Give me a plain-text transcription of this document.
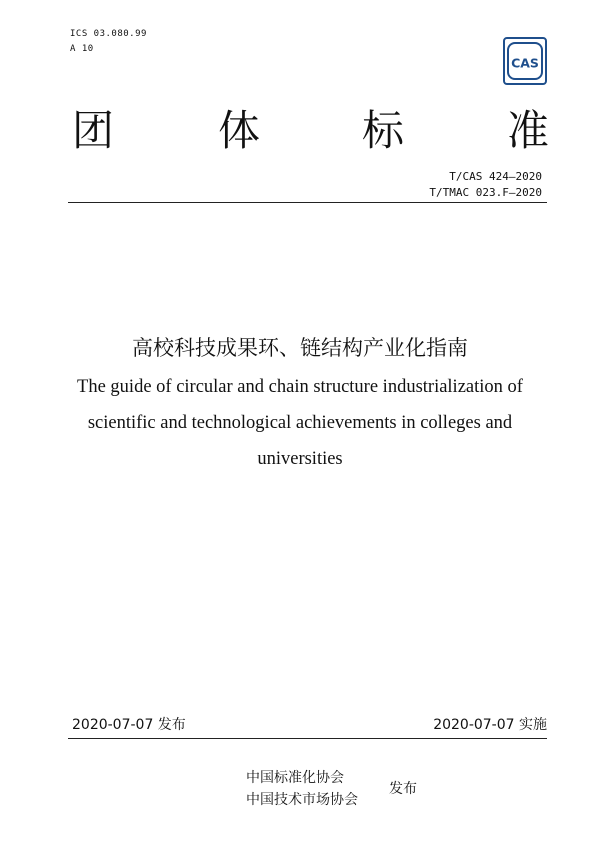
ICS 03.080.99
A 10
CAS
团 体 标 准
T/CAS 424—2020
T/TMAC 023.F—2020
高校科技成果环、链结构产业化指南
The guide of circular and chain structure industrialization of
scientific and technological achievements in colleges and
universities
2020-07-07 发布	2020-07-07 实施
中国标准化协会
中国技术市场协会
发布
